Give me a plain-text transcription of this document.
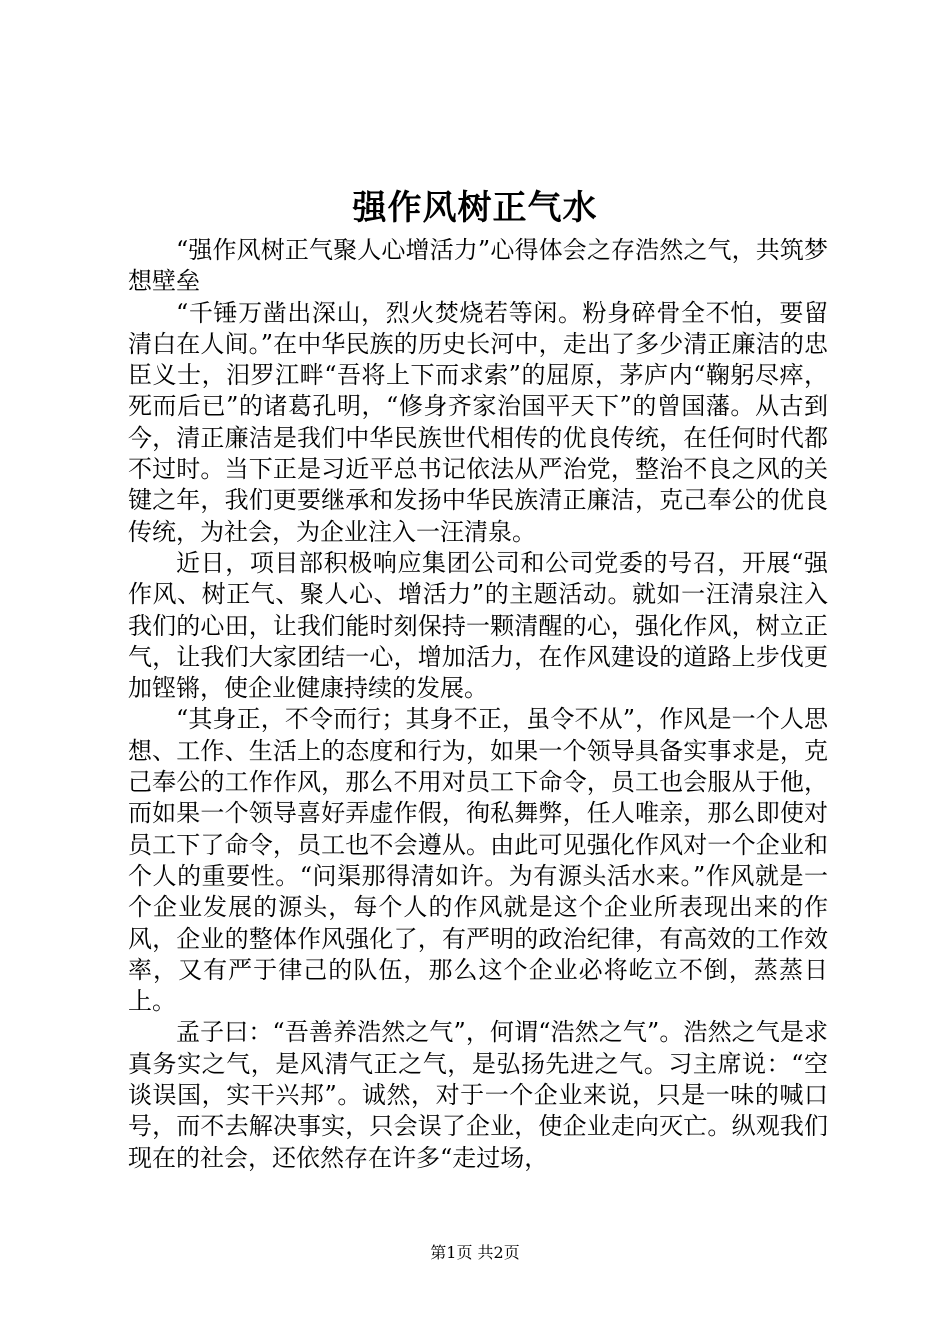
强作风树正气水

“强作风树正气聚人心增活力”心得体会之存浩然之气，共筑梦想壁垒

“千锤万凿出深山，烈火焚烧若等闲。粉身碎骨全不怕，要留清白在人间。”在中华民族的历史长河中，走出了多少清正廉洁的忠臣义士，汨罗江畔“吾将上下而求索”的屈原，茅庐内“鞠躬尽瘁，死而后已”的诸葛孔明，“修身齐家治国平天下”的曾国藩。从古到今，清正廉洁是我们中华民族世代相传的优良传统，在任何时代都不过时。当下正是习近平总书记依法从严治党，整治不良之风的关键之年，我们更要继承和发扬中华民族清正廉洁，克己奉公的优良传统，为社会，为企业注入一汪清泉。

近日，项目部积极响应集团公司和公司党委的号召，开展“强作风、树正气、聚人心、增活力”的主题活动。就如一汪清泉注入我们的心田，让我们能时刻保持一颗清醒的心，强化作风，树立正气，让我们大家团结一心，增加活力，在作风建设的道路上步伐更加铿锵，使企业健康持续的发展。

“其身正，不令而行；其身不正，虽令不从”，作风是一个人思想、工作、生活上的态度和行为，如果一个领导具备实事求是，克己奉公的工作作风，那么不用对员工下命令，员工也会服从于他，而如果一个领导喜好弄虚作假，徇私舞弊，任人唯亲，那么即使对员工下了命令，员工也不会遵从。由此可见强化作风对一个企业和个人的重要性。“问渠那得清如许。为有源头活水来。”作风就是一个企业发展的源头，每个人的作风就是这个企业所表现出来的作风，企业的整体作风强化了，有严明的政治纪律，有高效的工作效率，又有严于律己的队伍，那么这个企业必将屹立不倒，蒸蒸日上。

孟子曰：“吾善养浩然之气”，何谓“浩然之气”。浩然之气是求真务实之气，是风清气正之气，是弘扬先进之气。习主席说：“空谈误国，实干兴邦”。诚然，对于一个企业来说，只是一味的喊口号，而不去解决事实，只会误了企业，使企业走向灭亡。纵观我们现在的社会，还依然存在许多“走过场，

第1页 共2页
